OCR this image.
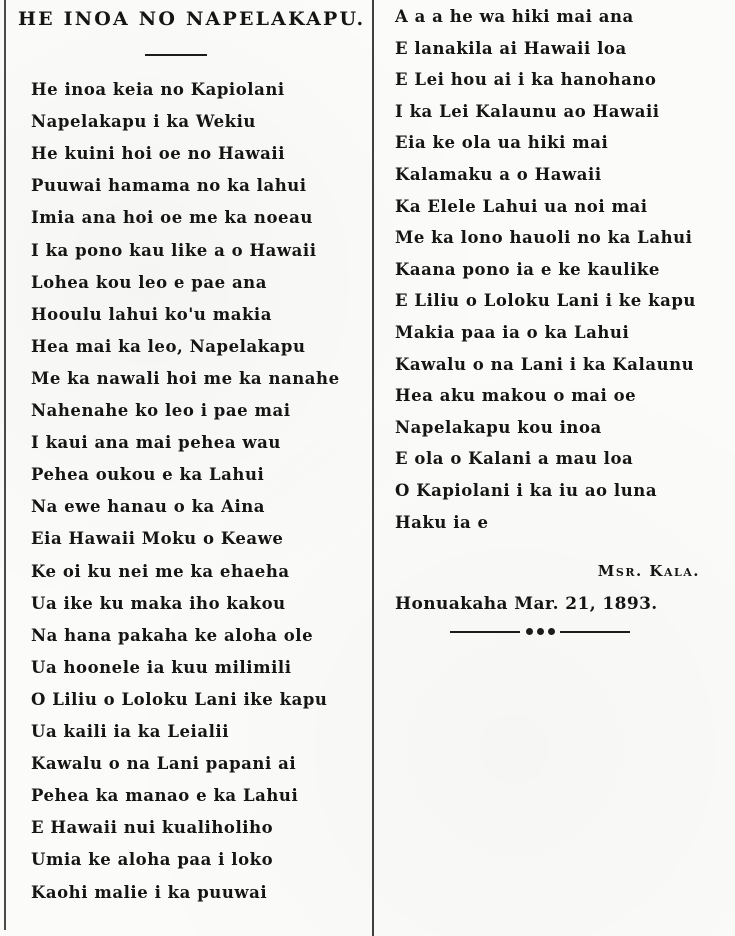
HE INOA NO NAPELAKAPU.
He inoa keia no Kapiolani
Napelakapu i ka Wekiu
He kuini hoi oe no Hawaii
Puuwai hamama no ka lahui
Imia ana hoi oe me ka noeau
I ka pono kau like a o Hawaii
Lohea kou leo e pae ana
Hooulu lahui ko'u makia
Hea mai ka leo, Napelakapu
Me ka nawali hoi me ka nanahe
Nahenahe ko leo i pae mai
I kaui ana mai pehea wau
Pehea oukou e ka Lahui
Na ewe hanau o ka Aina
Eia Hawaii Moku o Keawe
Ke oi ku nei me ka ehaeha
Ua ike ku maka iho kakou
Na hana pakaha ke aloha ole
Ua hoonele ia kuu milimili
O Liliu o Loloku Lani ike kapu
Ua kaili ia ka Leialii
Kawalu o na Lani papani ai
Pehea ka manao e ka Lahui
E Hawaii nui kualiholiho
Umia ke aloha paa i loko
Kaohi malie i ka puuwai
A a a he wa hiki mai ana
E lanakila ai Hawaii loa
E Lei hou ai i ka hanohano
I ka Lei Kalaunu ao Hawaii
Eia ke ola ua hiki mai
Kalamaku a o Hawaii
Ka Elele Lahui ua noi mai
Me ka lono hauoli no ka Lahui
Kaana pono ia e ke kaulike
E Liliu o Loloku Lani i ke kapu
Makia paa ia o ka Lahui
Kawalu o na Lani i ka Kalaunu
Hea aku makou o mai oe
Napelakapu kou inoa
E ola o Kalani a mau loa
O Kapiolani i ka iu ao luna
Haku ia e
Msr. Kala.
Honuakaha Mar. 21, 1893.
